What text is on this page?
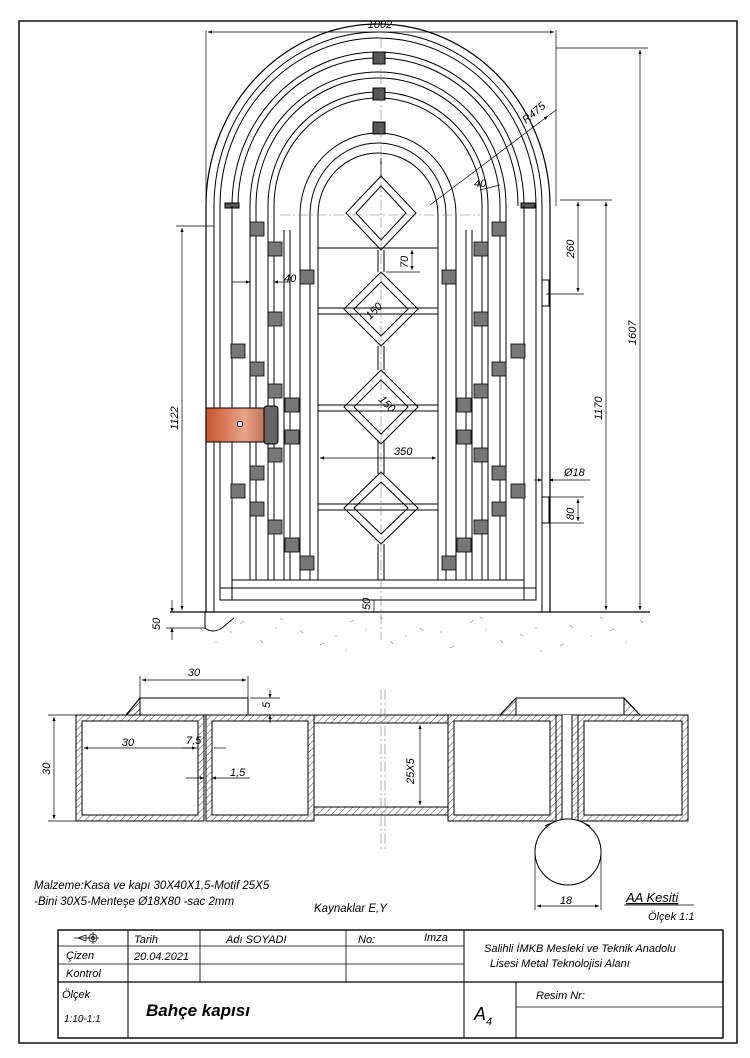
1002
R475
40
40
260
70
150
150
350
1607
1170
1122
Ø18
80
50
50
30
5
30	7,5
30	1,5	25X5
18	AA Kesiti
Ölçek 1:1
Malzeme:Kasa ve kapı 30X40X1,5-Motif 25X5
-Bini 30X5-Menteşe Ø18X80 -sac 2mm
Kaynaklar E,Y
Tarih	Adı SOYADI	No:	Imza
Çizen	20.04.2021
Kontrol
Salihli İMKB Mesleki ve Teknik Anadolu
Lisesi Metal Teknolojisi Alanı
Ölçek
1:10-1:1	Bahçe kapısı	$A_4$
Resim Nr:
